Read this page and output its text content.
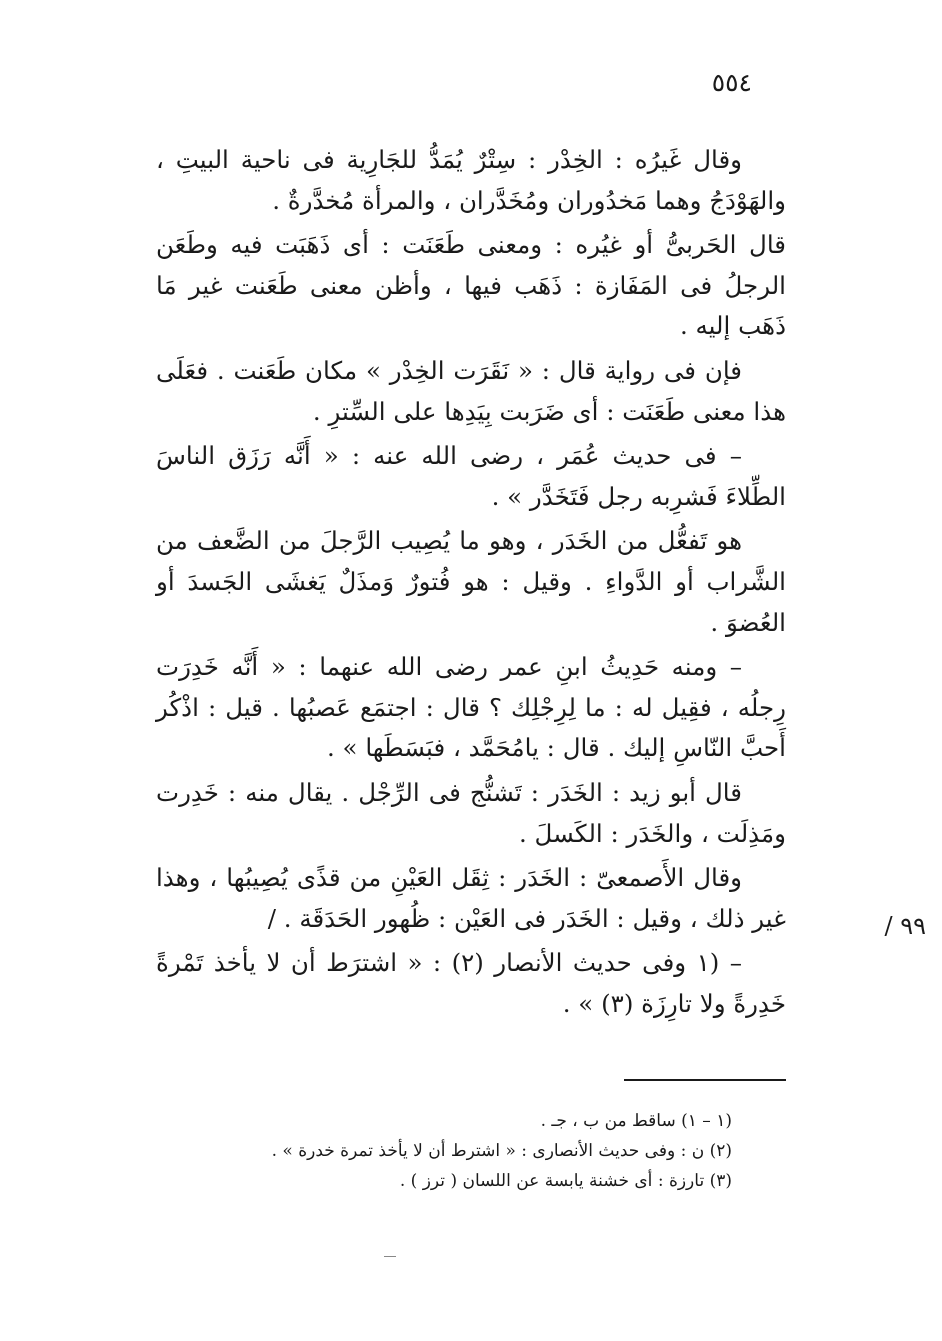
٥٥٤

وقال غَيرُه : الخِدْر : سِتْرٌ يُمَدُّ للجَارِية فى ناحية البيتِ ، والهَوْدَجُ وهما مَخدُوران ومُخَدَّران ، والمرأة مُخدَّرةٌ .

قال الحَربىُّ أو غيُره : ومعنى طَعَنَت : أى ذَهَبَت فيه وطَعَن الرجلُ فى المَفَازة : ذَهَب فيها ، وأظن معنى طَعَنت غير مَا ذَهَب إليه .

فإن فى رواية قال : « نَقَرَت الخِدْر » مكان طَعَنت . فعَلَى هذا معنى طَعَنَت : أى ضَرَبت بِيَدِها على السِّترِ .

– فى حديث عُمَر ، رضى الله عنه : « أَنَّه رَزَق الناسَ الطِّلاءَ فَشرِبه رجل فَتَخَدَّر » .

هو تَفعُّل من الخَدَر ، وهو ما يُصِيب الرَّجلَ من الضَّعف من الشَّراب أو الدَّواءِ . وقيل : هو فُتورٌ وَمذَلٌ يَغشَى الجَسدَ أو العُضوَ .

– ومنه حَدِيثُ ابنِ عمر رضى الله عنهما : « أَنَّه خَدِرَت رِجلُه ، فقِيل له : ما لِرِجْلِك ؟ قال : اجتمَع عَصبُها . قيل : اذْكُر أَحبَّ النّاسِ إليك . قال : يامُحَمَّد ، فبَسَطَها » .

قال أبو زيد : الخَدَر : تَشنُّج فى الرِّجْل . يقال منه : خَدِرت ومَذِلَت ، والخَدَر : الكَسلَ .

وقال الأَصمعىّ : الخَدَر : ثِقَل العَيْنِ من قذًى يُصِيبُها ، وهذا غير ذلك ، وقيل : الخَدَر فى العَيْن : ظُهور الحَدَقَة . /

– (١ وفى حديث الأنصار (٢) : « اشترَط أن لا يأخذ تَمْرةً خَدِرةً ولا تارِزَة (٣) » .

٩٩ /

(١ – ١) ساقط من ب ، جـ .

(٢) ن : وفى حديث الأنصارى : « اشترط أن لا يأخذ تمرة خدرة » .

(٣) تارزة : أى خشنة يابسة عن اللسان ( ترز ) .
